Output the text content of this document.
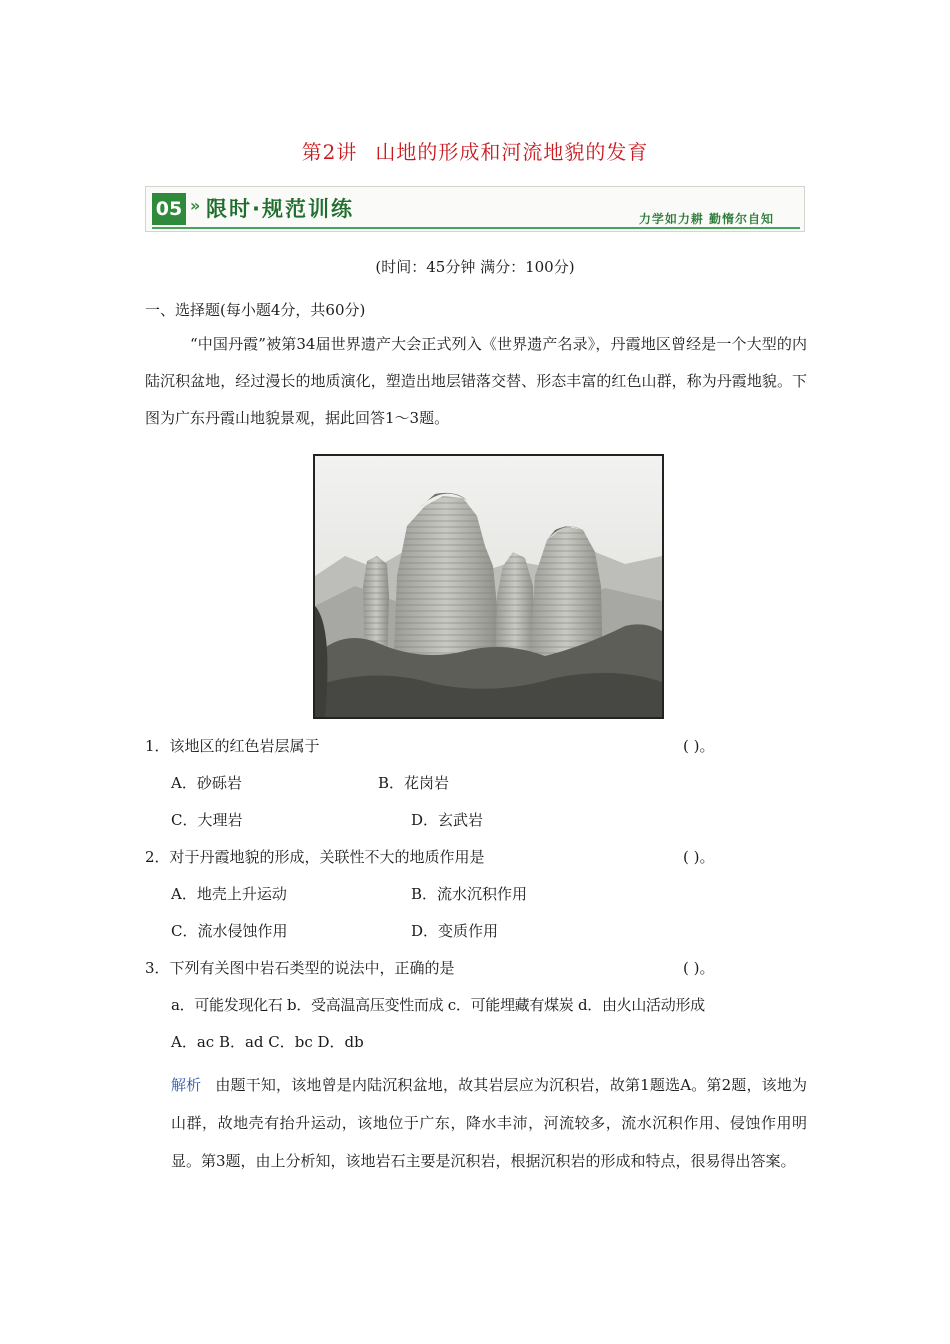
第2讲 山地的形成和河流地貌的发育
05 » 限时·规范训练	力学如力耕 勤惰尔自知
(时间：45分钟 满分：100分)
一、选择题(每小题4分，共60分)

“中国丹霞”被第34届世界遗产大会正式列入《世界遗产名录》，丹霞地区曾经是一个大型的内陆沉积盆地，经过漫长的地质演化，塑造出地层错落交替、形态丰富的红色山群，称为丹霞地貌。下图为广东丹霞山地貌景观，据此回答1～3题。

1．该地区的红色岩层属于	( )。
A．砂砾岩	B．花岗岩
C．大理岩	D．玄武岩
2．对于丹霞地貌的形成，关联性不大的地质作用是	( )。
A．地壳上升运动	B．流水沉积作用
C．流水侵蚀作用	D．变质作用
3．下列有关图中岩石类型的说法中，正确的是	( )。
a．可能发现化石 b．受高温高压变性而成 c．可能埋藏有煤炭 d．由火山活动形成
A．ac B．ad C．bc D．db
解析 由题干知，该地曾是内陆沉积盆地，故其岩层应为沉积岩，故第1题选A。第2题，该地为山群，故地壳有抬升运动，该地位于广东，降水丰沛，河流较多，流水沉积作用、侵蚀作用明显。第3题，由上分析知，该地岩石主要是沉积岩，根据沉积岩的形成和特点，很易得出答案。
